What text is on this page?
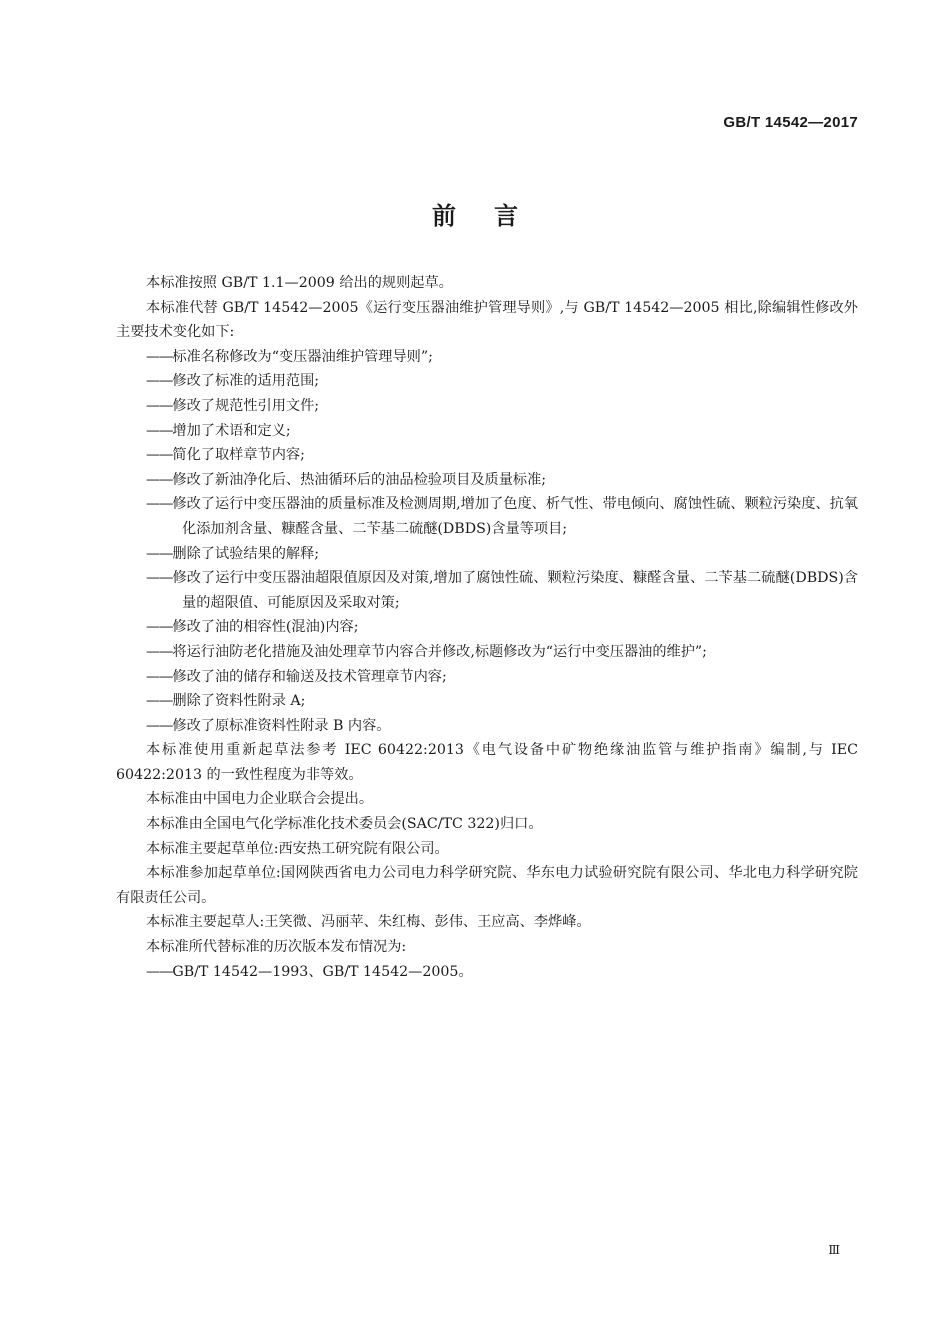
GB/T 14542—2017
前言

本标准按照 GB/T 1.1—2009 给出的规则起草。

本标准代替 GB/T 14542—2005《运行变压器油维护管理导则》,与 GB/T 14542—2005 相比,除编辑性修改外主要技术变化如下:

——标准名称修改为“变压器油维护管理导则”;

——修改了标准的适用范围;

——修改了规范性引用文件;

——增加了术语和定义;

——简化了取样章节内容;

——修改了新油净化后、热油循环后的油品检验项目及质量标准;

——修改了运行中变压器油的质量标准及检测周期,增加了色度、析气性、带电倾向、腐蚀性硫、颗粒污染度、抗氧化添加剂含量、糠醛含量、二苄基二硫醚(DBDS)含量等项目;

——删除了试验结果的解释;

——修改了运行中变压器油超限值原因及对策,增加了腐蚀性硫、颗粒污染度、糠醛含量、二苄基二硫醚(DBDS)含量的超限值、可能原因及采取对策;

——修改了油的相容性(混油)内容;

——将运行油防老化措施及油处理章节内容合并修改,标题修改为“运行中变压器油的维护”;

——修改了油的储存和输送及技术管理章节内容;

——删除了资料性附录 A;

——修改了原标准资料性附录 B 内容。

本标准使用重新起草法参考 IEC 60422:2013《电气设备中矿物绝缘油监管与维护指南》编制,与 IEC 60422:2013 的一致性程度为非等效。

本标准由中国电力企业联合会提出。

本标准由全国电气化学标准化技术委员会(SAC/TC 322)归口。

本标准主要起草单位:西安热工研究院有限公司。

本标准参加起草单位:国网陕西省电力公司电力科学研究院、华东电力试验研究院有限公司、华北电力科学研究院有限责任公司。

本标准主要起草人:王笑微、冯丽苹、朱红梅、彭伟、王应高、李烨峰。

本标准所代替标准的历次版本发布情况为:

——GB/T 14542—1993、GB/T 14542—2005。

Ⅲ
